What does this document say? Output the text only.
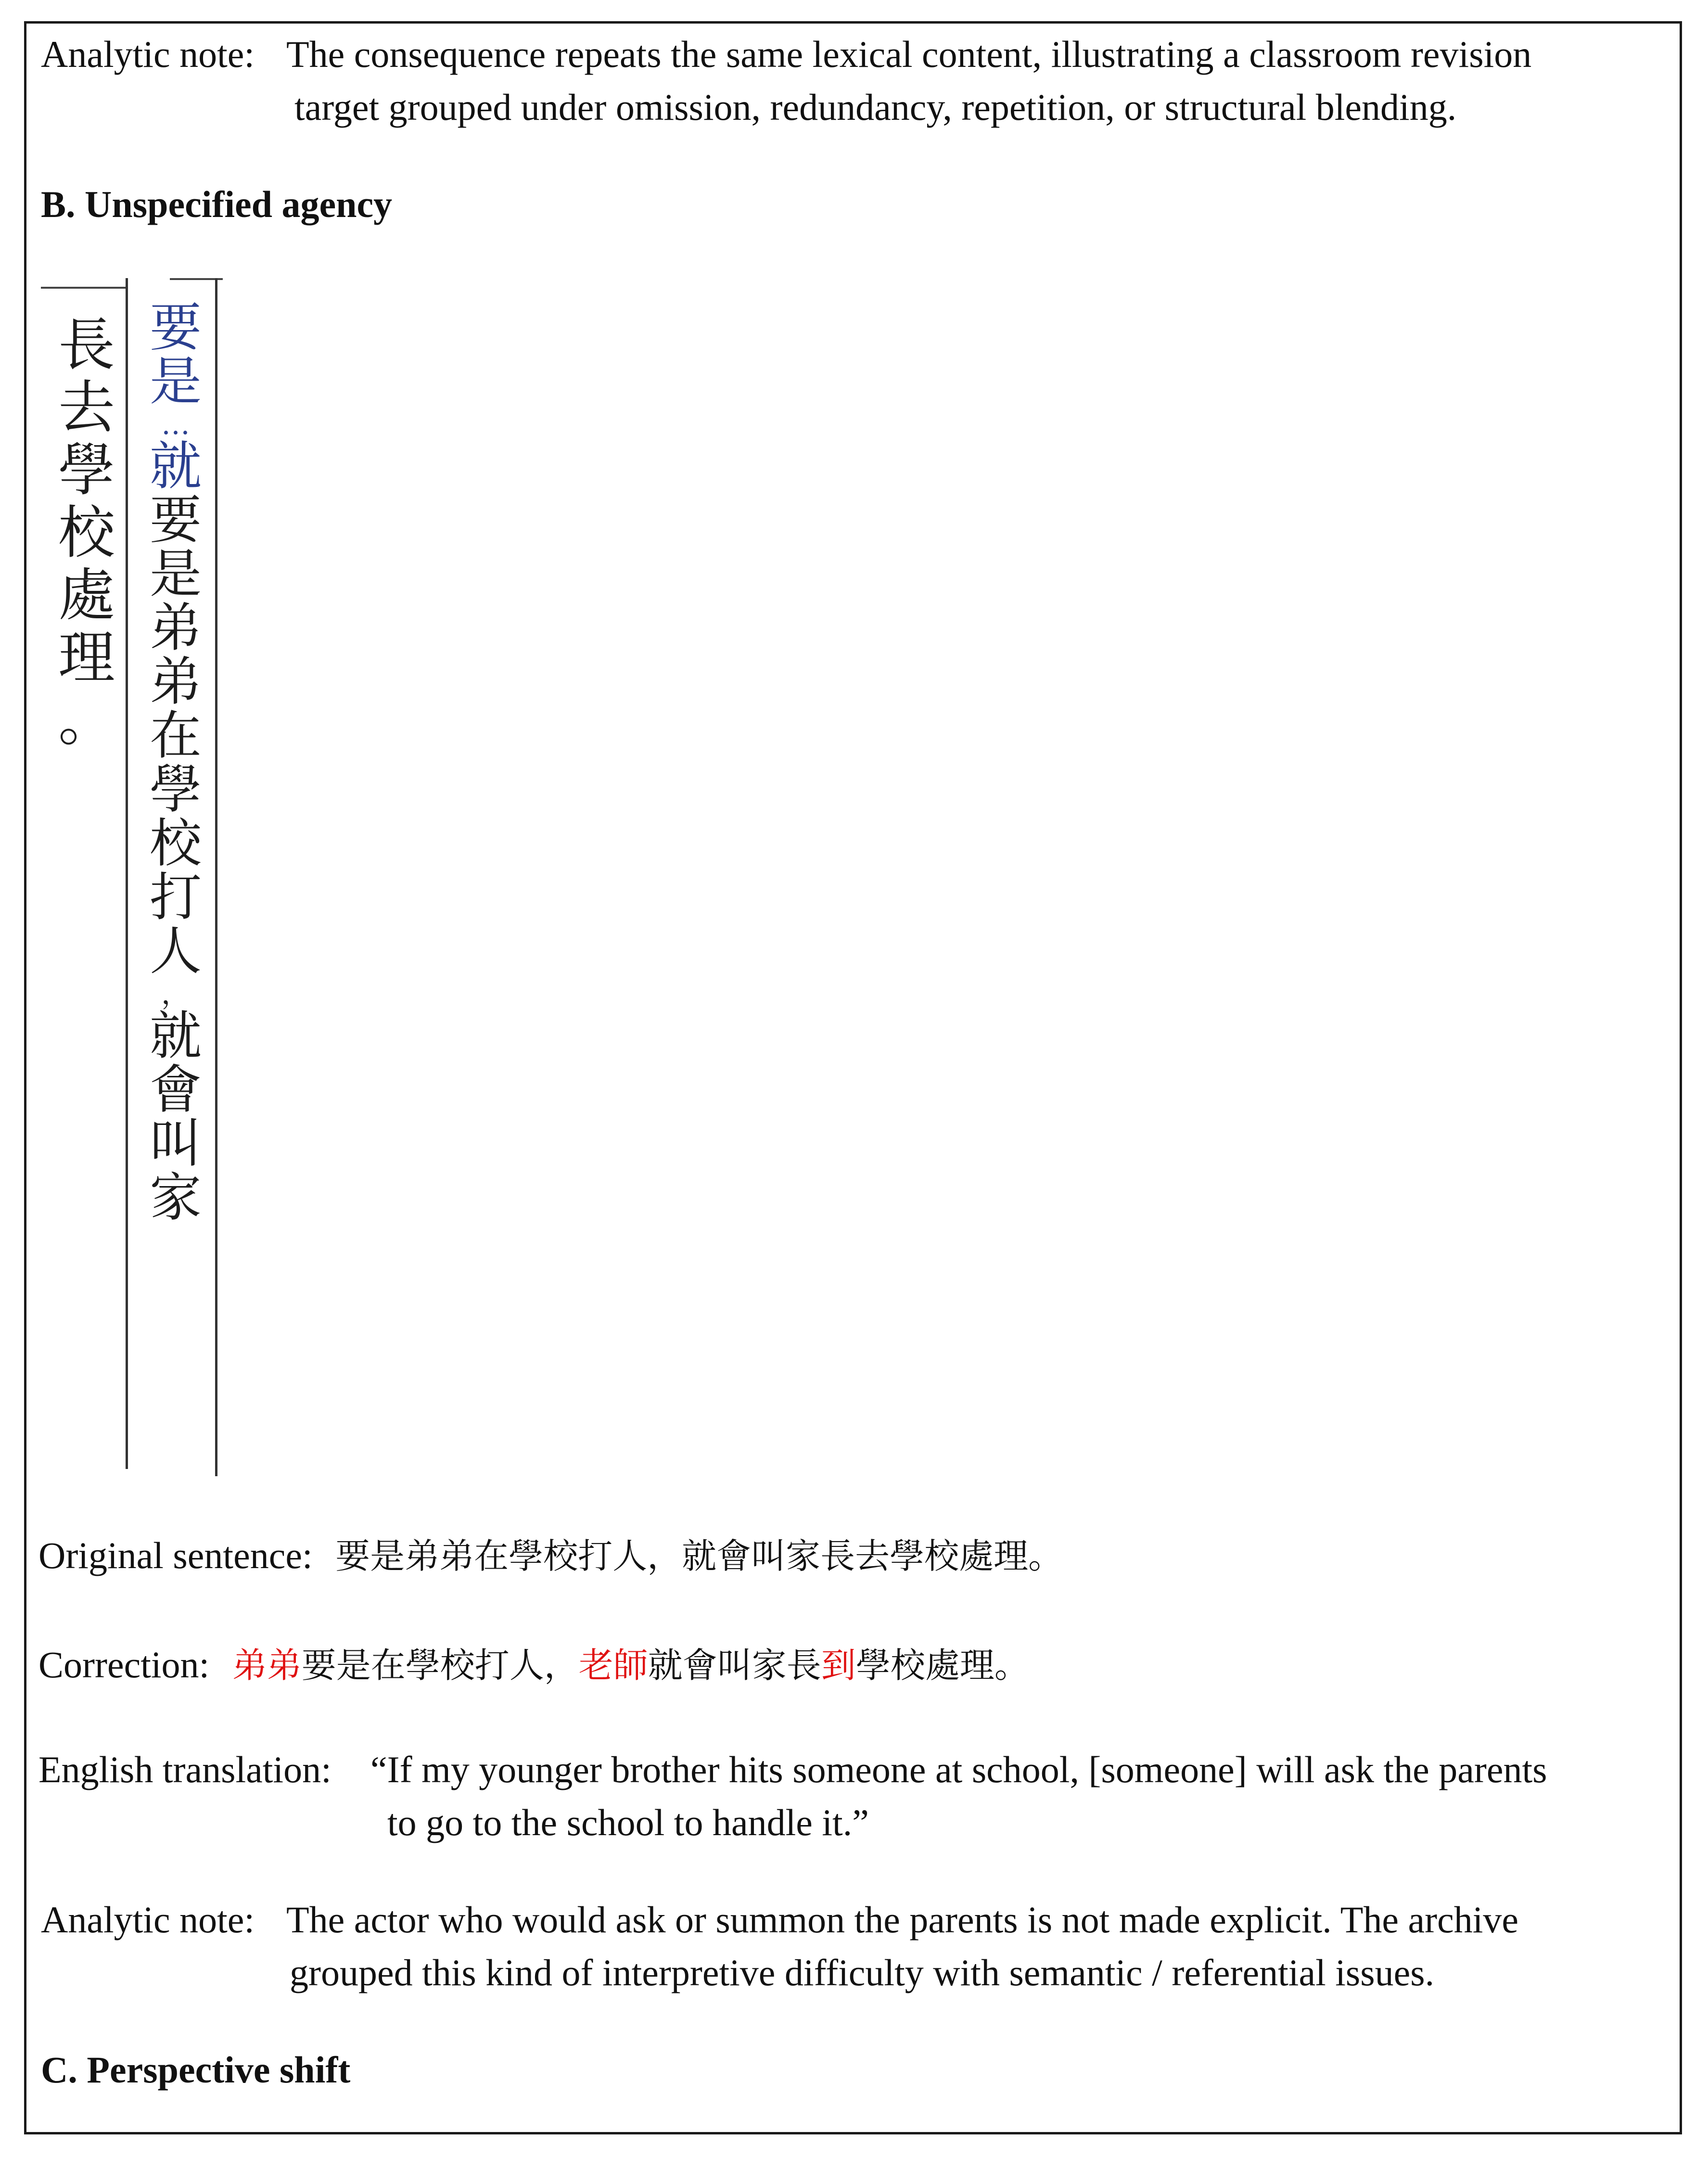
Analytic note: The consequence repeats the same lexical content, illustrating a classroom revision
target grouped under omission, redundancy, repetition, or structural blending.
B. Unspecified agency
長
去
學
校
處
理
。
要
是
…
就
要
是
弟
弟
在
學
校
打
人
，
就
會
叫
家
Original sentence: 要是弟弟在學校打人，就會叫家長去學校處理。
Correction: 弟弟要是在學校打人，老師就會叫家長到學校處理。
English translation: “If my younger brother hits someone at school, [someone] will ask the parents
to go to the school to handle it.”
Analytic note: The actor who would ask or summon the parents is not made explicit. The archive
grouped this kind of interpretive difficulty with semantic / referential issues.
C. Perspective shift
